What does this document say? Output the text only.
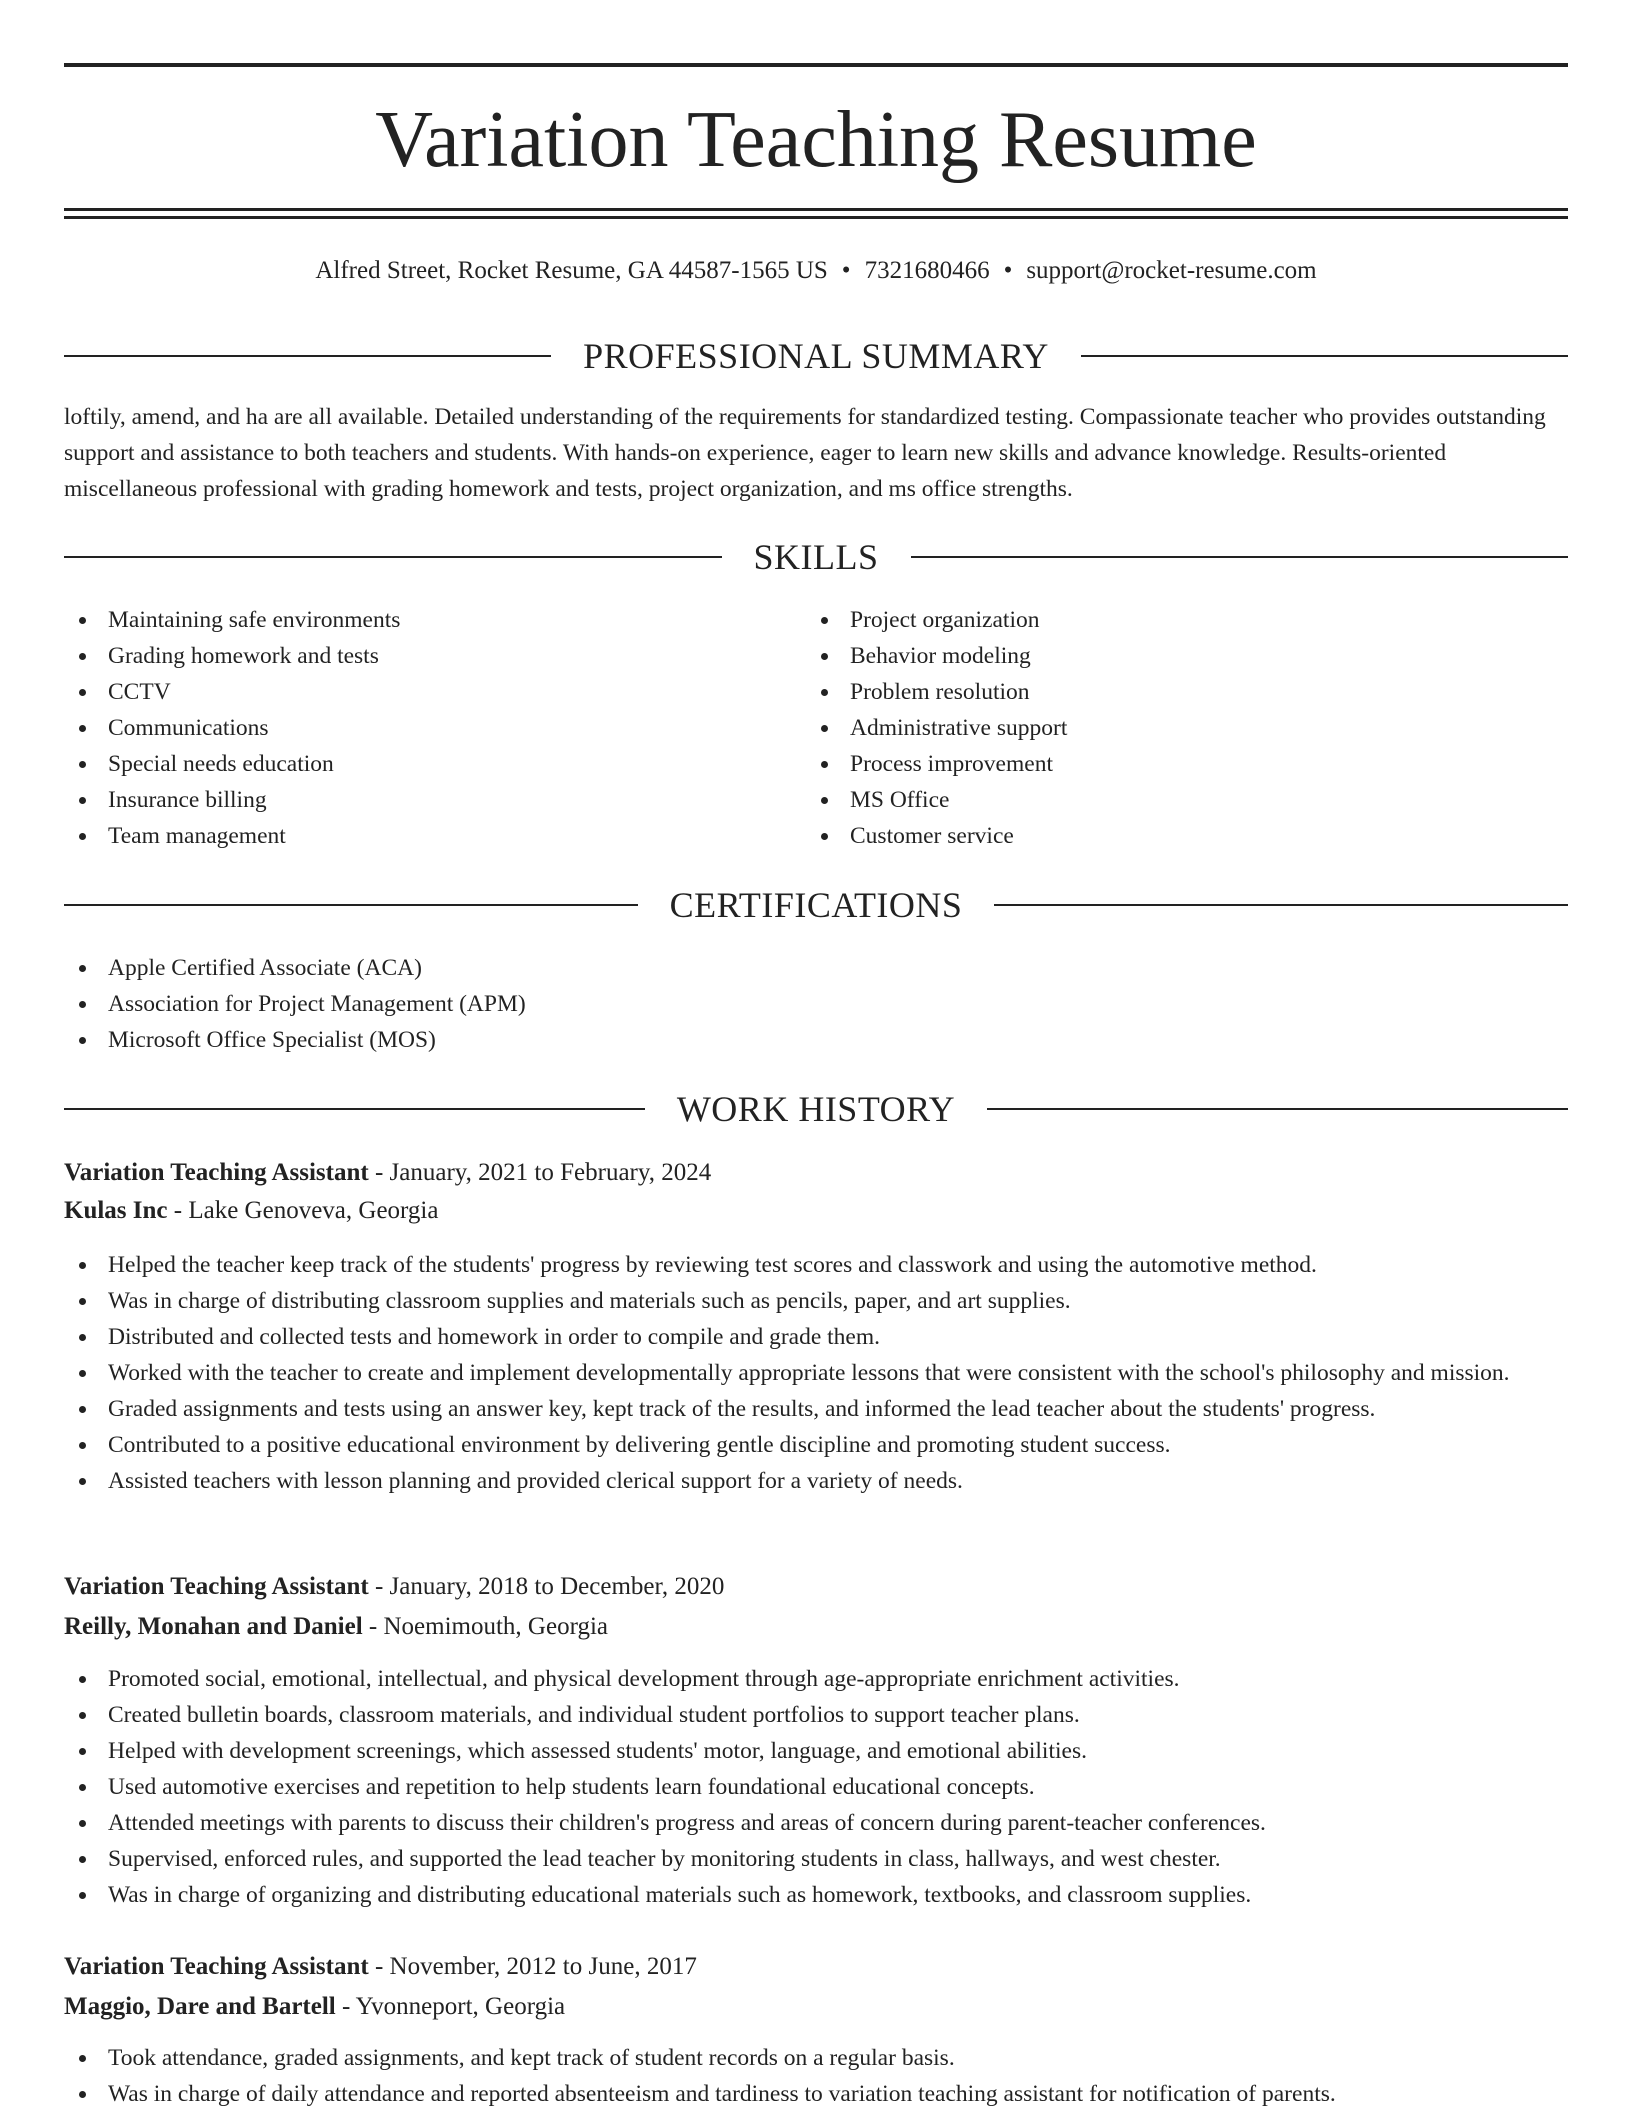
Variation Teaching Resume
Alfred Street, Rocket Resume, GA 44587-1565 US • 7321680466 • support@rocket-resume.com
PROFESSIONAL SUMMARY

loftily, amend, and ha are all available. Detailed understanding of the requirements for standardized testing. Compassionate teacher who provides outstanding support and assistance to both teachers and students. With hands-on experience, eager to learn new skills and advance knowledge. Results-oriented miscellaneous professional with grading homework and tests, project organization, and ms office strengths.

SKILLS
Maintaining safe environments
Grading homework and tests
CCTV
Communications
Special needs education
Insurance billing
Team management
Project organization
Behavior modeling
Problem resolution
Administrative support
Process improvement
MS Office
Customer service
CERTIFICATIONS
Apple Certified Associate (ACA)
Association for Project Management (APM)
Microsoft Office Specialist (MOS)
WORK HISTORY
Variation Teaching Assistant - January, 2021 to February, 2024
Kulas Inc - Lake Genoveva, Georgia
Helped the teacher keep track of the students' progress by reviewing test scores and classwork and using the automotive method.
Was in charge of distributing classroom supplies and materials such as pencils, paper, and art supplies.
Distributed and collected tests and homework in order to compile and grade them.
Worked with the teacher to create and implement developmentally appropriate lessons that were consistent with the school's philosophy and mission.
Graded assignments and tests using an answer key, kept track of the results, and informed the lead teacher about the students' progress.
Contributed to a positive educational environment by delivering gentle discipline and promoting student success.
Assisted teachers with lesson planning and provided clerical support for a variety of needs.
Variation Teaching Assistant - January, 2018 to December, 2020
Reilly, Monahan and Daniel - Noemimouth, Georgia
Promoted social, emotional, intellectual, and physical development through age-appropriate enrichment activities.
Created bulletin boards, classroom materials, and individual student portfolios to support teacher plans.
Helped with development screenings, which assessed students' motor, language, and emotional abilities.
Used automotive exercises and repetition to help students learn foundational educational concepts.
Attended meetings with parents to discuss their children's progress and areas of concern during parent-teacher conferences.
Supervised, enforced rules, and supported the lead teacher by monitoring students in class, hallways, and west chester.
Was in charge of organizing and distributing educational materials such as homework, textbooks, and classroom supplies.
Variation Teaching Assistant - November, 2012 to June, 2017
Maggio, Dare and Bartell - Yvonneport, Georgia
Took attendance, graded assignments, and kept track of student records on a regular basis.
Was in charge of daily attendance and reported absenteeism and tardiness to variation teaching assistant for notification of parents.
